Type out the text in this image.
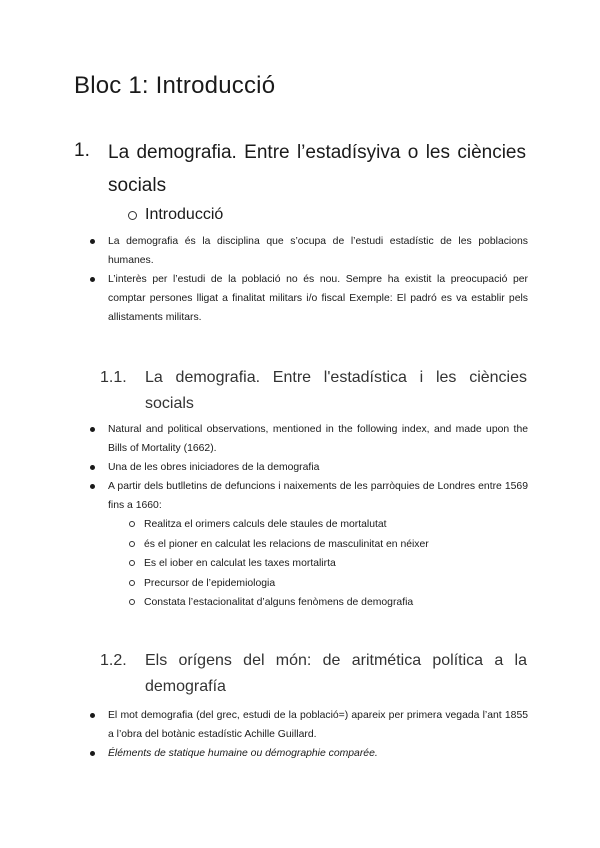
Bloc 1: Introducció
1. La demografia. Entre l’estadísyiva o les ciències socials
Introducció
La demografia és la disciplina que s’ocupa de l’estudi estadístic de les poblacions humanes.
L’interès per l’estudi de la població no és nou. Sempre ha existit la preocupació per comptar persones lligat a finalitat militars i/o fiscal Exemple: El padró es va establir pels allistaments militars.
1.1. La demografia. Entre l'estadística i les ciències socials
Natural and political observations, mentioned in the following index, and made upon the Bills of Mortality (1662).
Una de les obres iniciadores de la demografia
A partir dels butlletins de defuncions i naixements de les parròquies de Londres entre 1569 fins a 1660:
Realitza el orimers calculs dele staules de mortalutat
és el pioner en calculat les relacions de masculinitat en néixer
Es el iober en calculat les taxes mortalirta
Precursor de l’epidemiologia
Constata l’estacionalitat d’alguns fenòmens de demografia
1.2. Els orígens del món: de aritmética política a la demografía
El mot demografia (del grec, estudi de la població=) apareix per primera vegada l’ant 1855 a l’obra del botànic estadístic Achille Guillard.
Éléments de statique humaine ou démographie comparée.
